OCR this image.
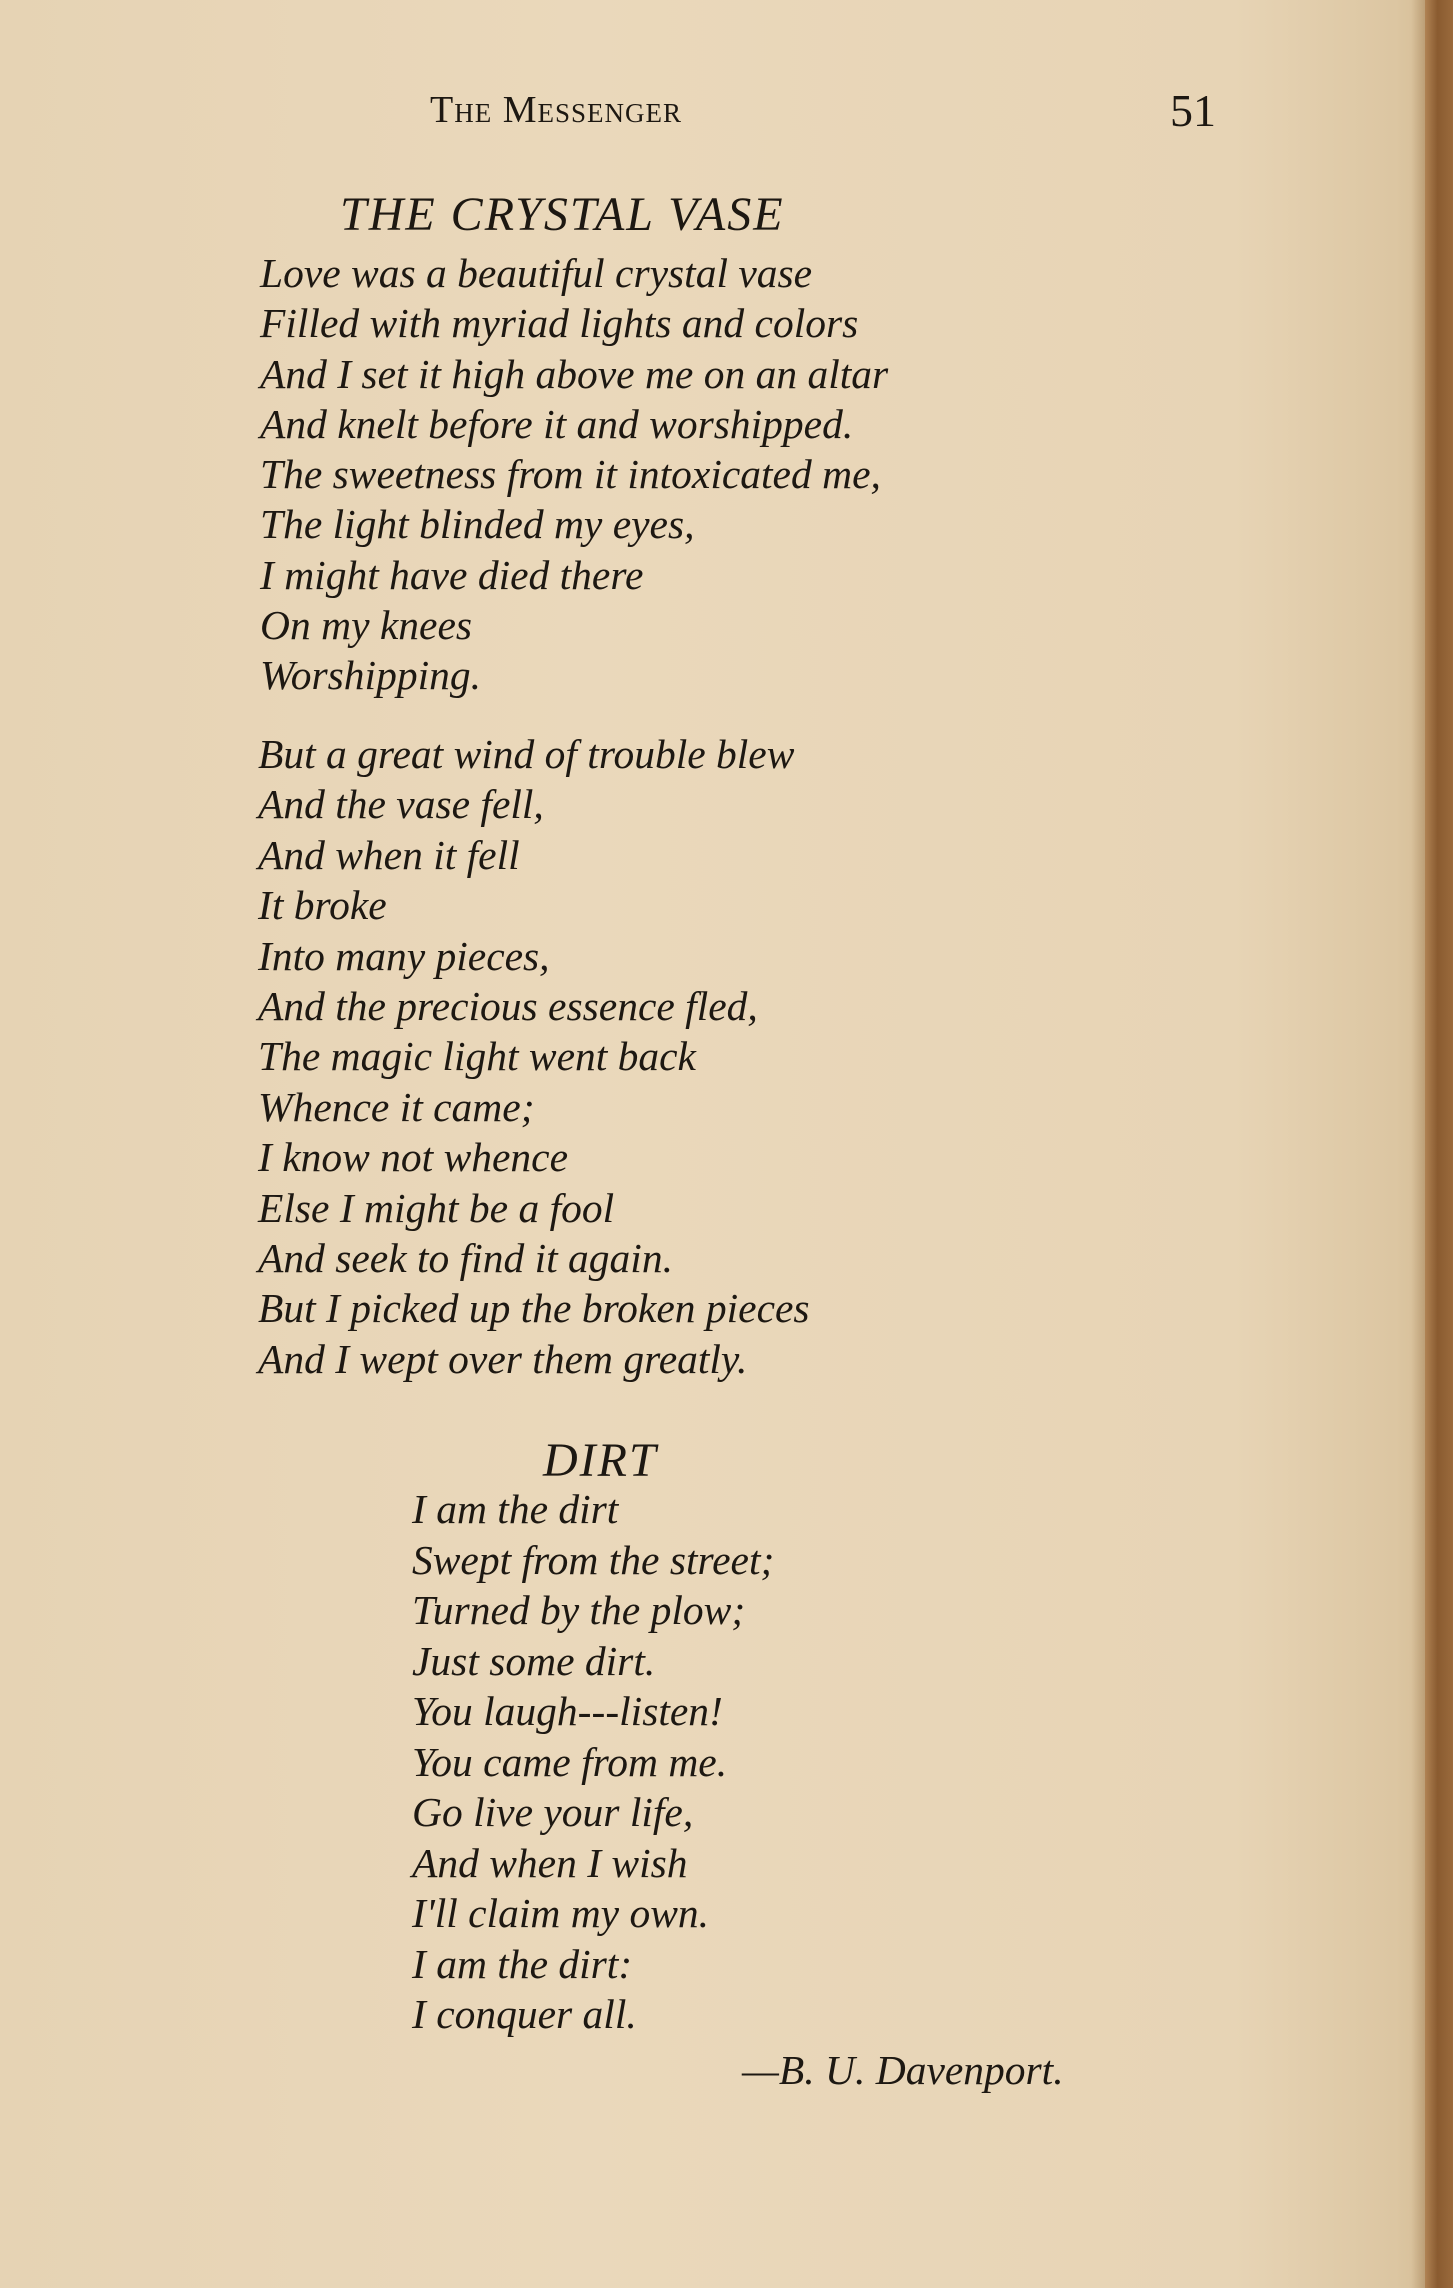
The Messenger	51
THE CRYSTAL VASE
Love was a beautiful crystal vase
Filled with myriad lights and colors
And I set it high above me on an altar
And knelt before it and worshipped.
The sweetness from it intoxicated me,
The light blinded my eyes,
I might have died there
On my knees
Worshipping.
But a great wind of trouble blew
And the vase fell,
And when it fell
It broke
Into many pieces,
And the precious essence fled,
The magic light went back
Whence it came;
I know not whence
Else I might be a fool
And seek to find it again.
But I picked up the broken pieces
And I wept over them greatly.
DIRT
I am the dirt
Swept from the street;
Turned by the plow;
Just some dirt.
You laugh---listen!
You came from me.
Go live your life,
And when I wish
I'll claim my own.
I am the dirt:
I conquer all.
—B. U. Davenport.
